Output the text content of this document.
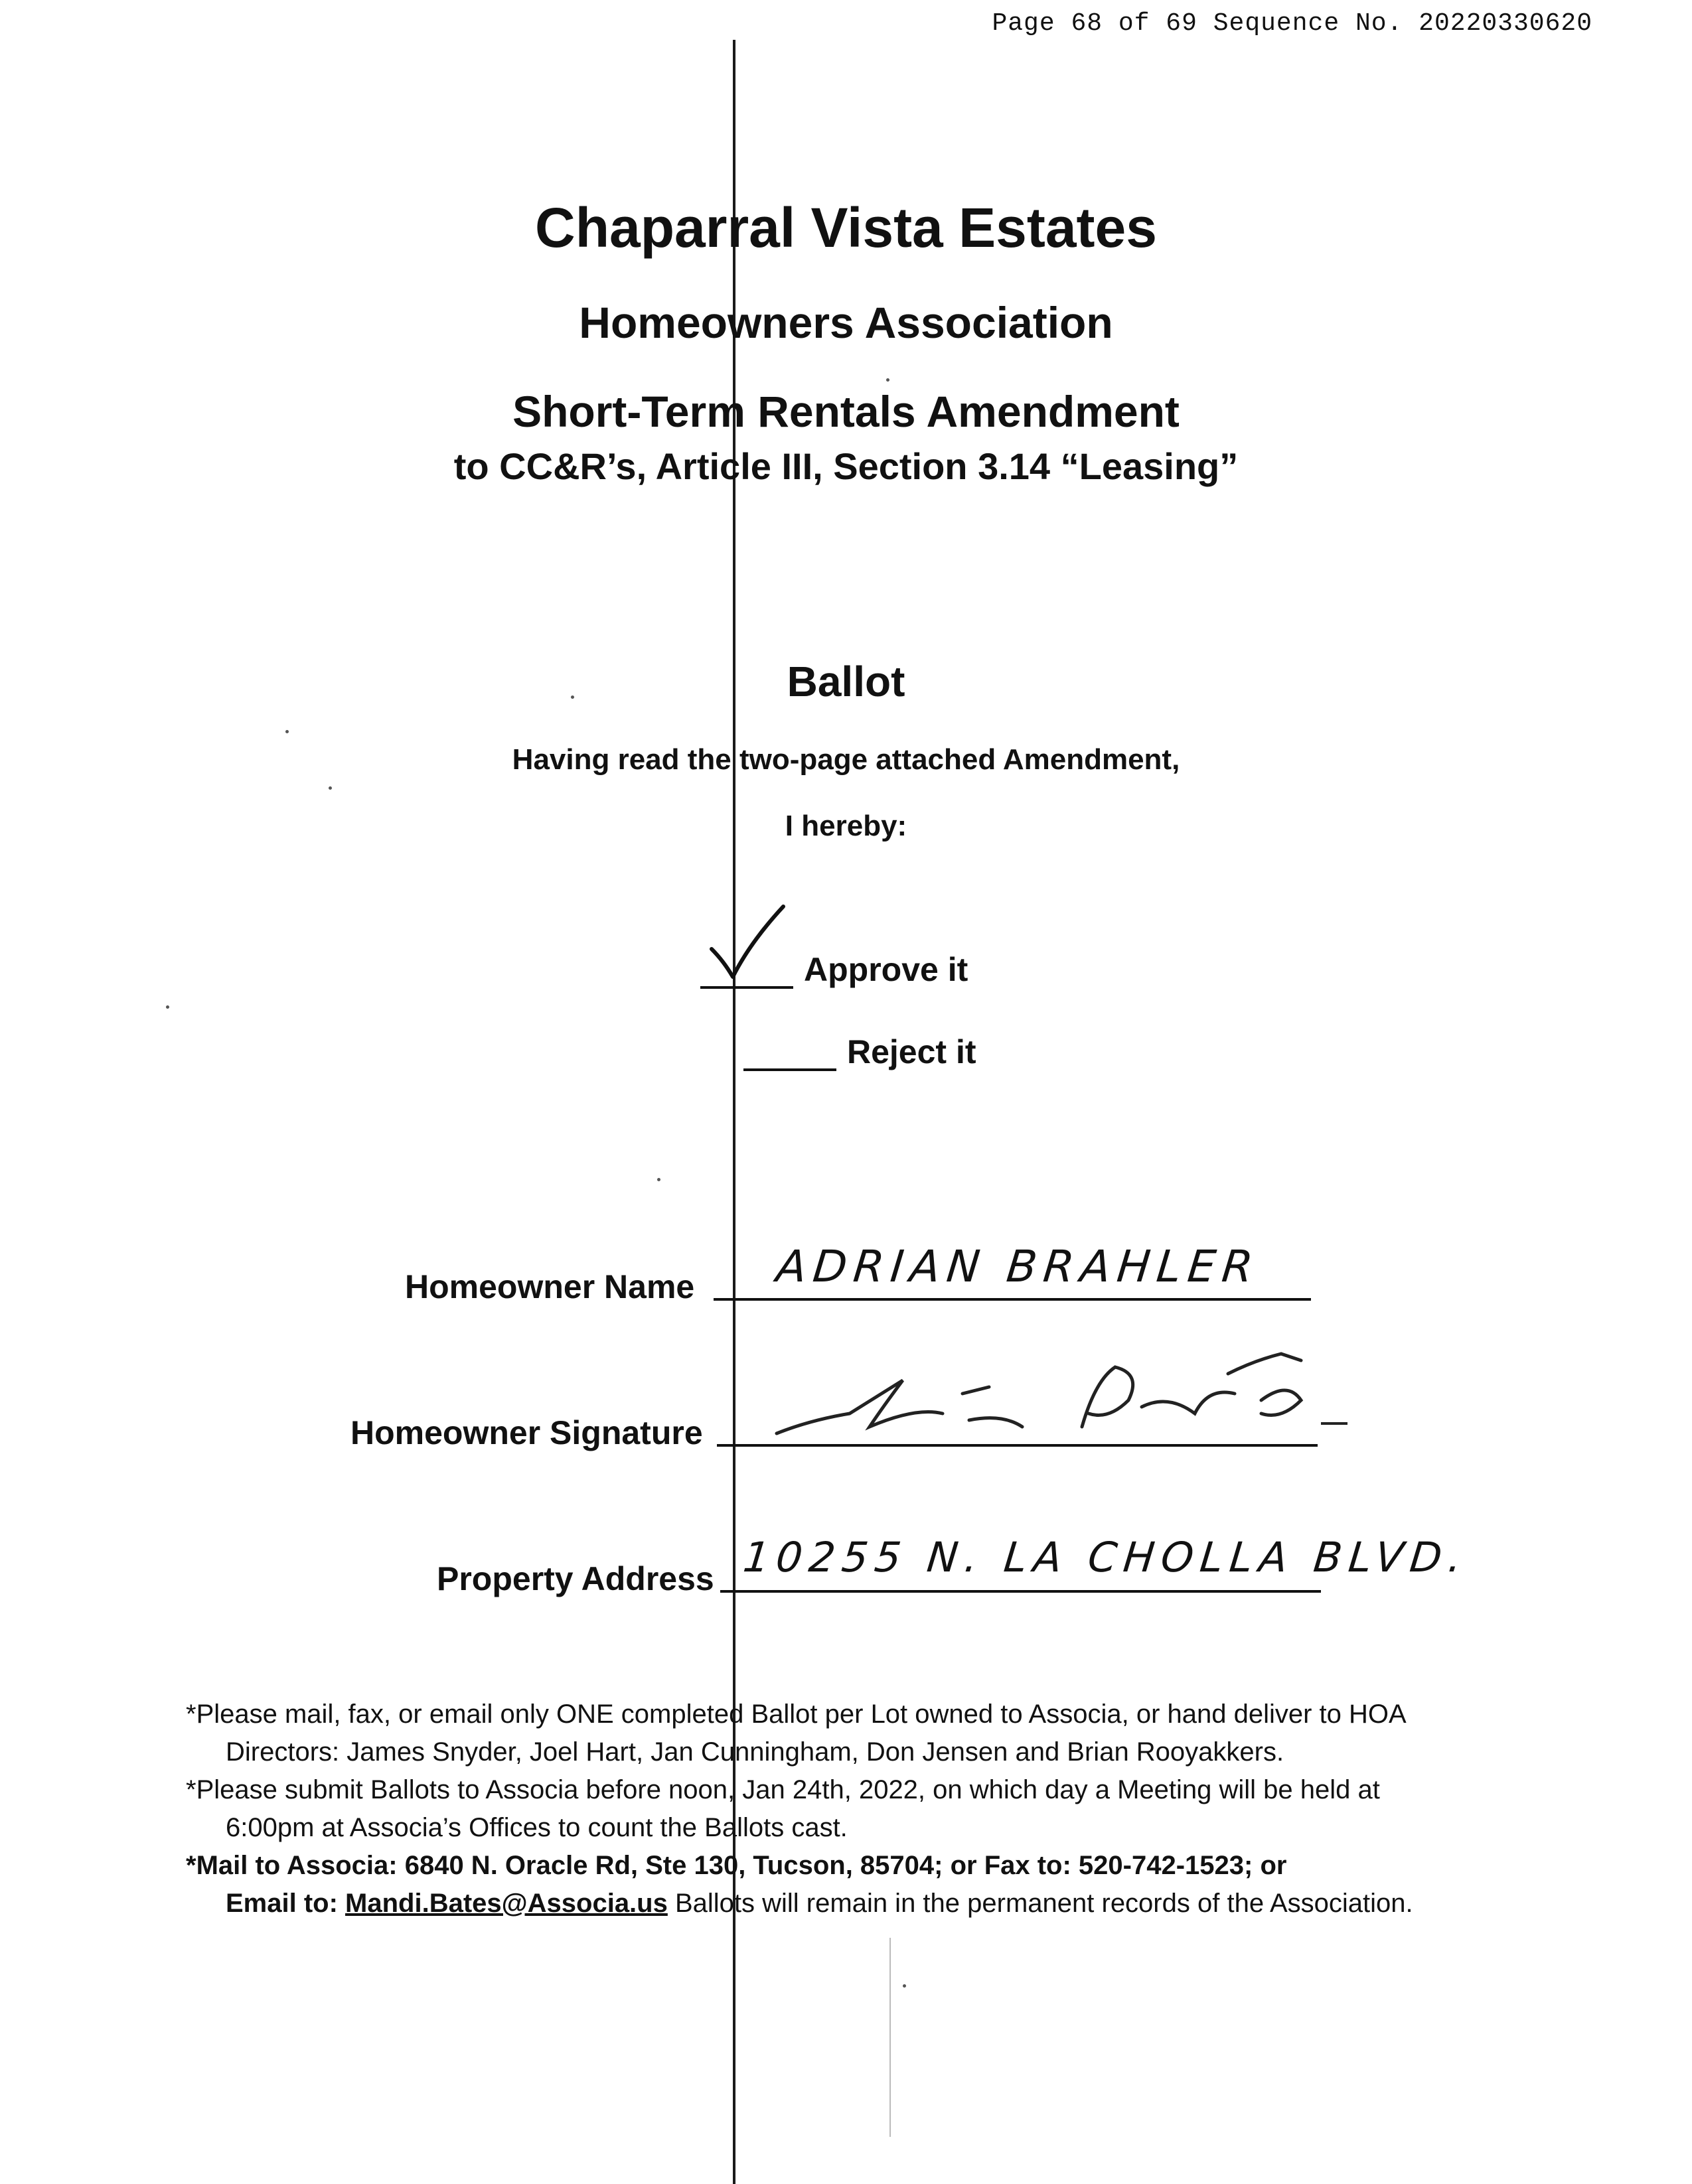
Page 68 of 69 Sequence No. 20220330620
Chaparral Vista Estates
Homeowners Association
Short-Term Rentals Amendment
to CC&R’s, Article III, Section 3.14 “Leasing”
Ballot
Having read the two-page attached Amendment,
I hereby:
Approve it
Reject it
Homeowner Name ADRIAN BRAHLER
Homeowner Signature
Property Address 10255 N. LA CHOLLA BLVD.

*Please mail, fax, or email only ONE completed Ballot per Lot owned to Associa, or hand deliver to HOA
Directors: James Snyder, Joel Hart, Jan Cunningham, Don Jensen and Brian Rooyakkers.

*Please submit Ballots to Associa before noon, Jan 24th, 2022, on which day a Meeting will be held at
6:00pm at Associa’s Offices to count the Ballots cast.

*Mail to Associa: 6840 N. Oracle Rd, Ste 130, Tucson, 85704; or Fax to: 520-742-1523; or
Email to: Mandi.Bates@Associa.us Ballots will remain in the permanent records of the Association.
